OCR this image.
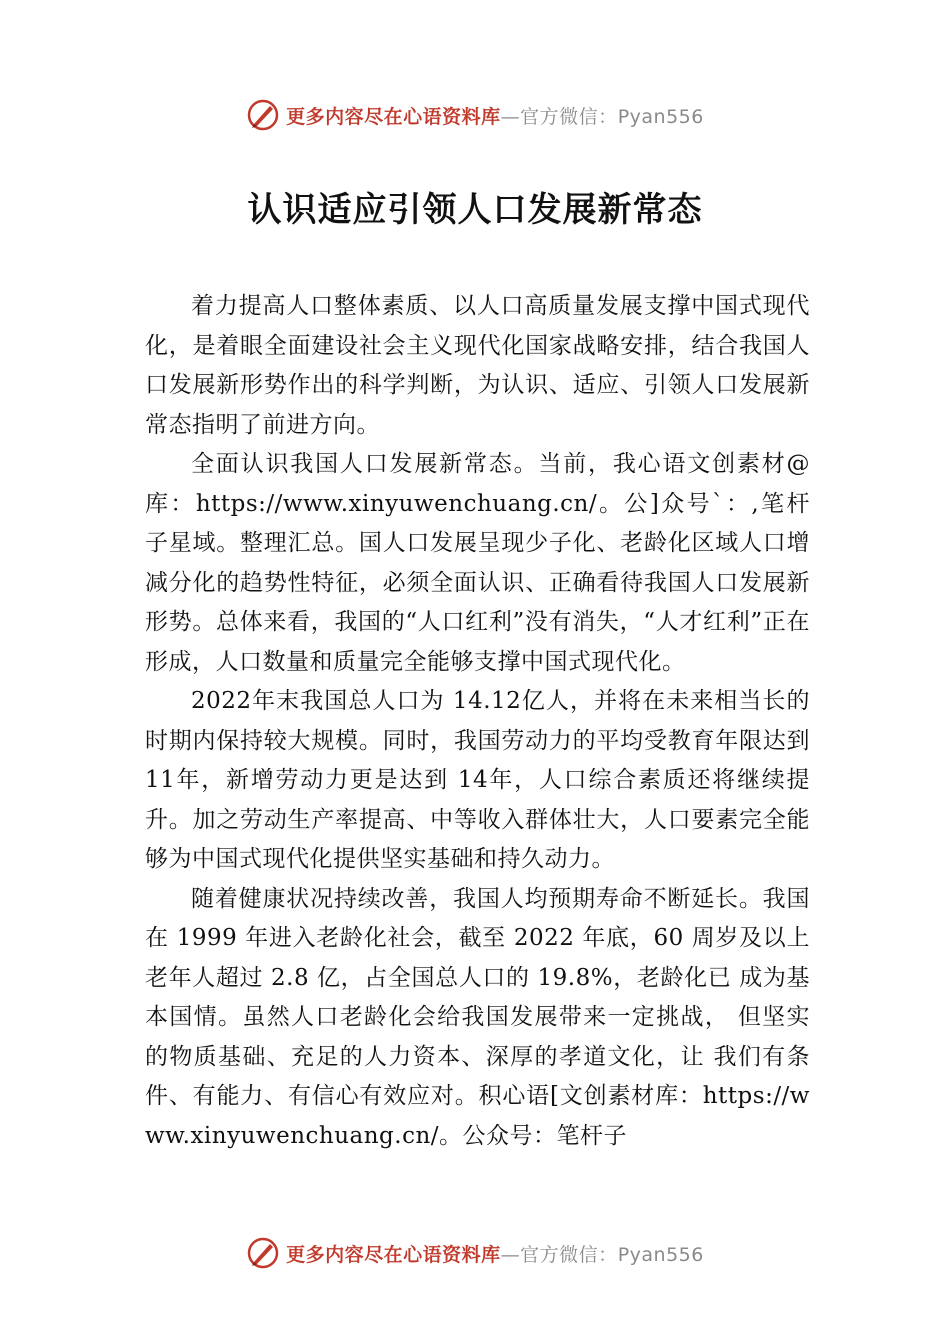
更多内容尽在心语资料库—官方微信：Pyan556
认识适应引领人口发展新常态

着力提高人口整体素质、以人口高质量发展支撑中国式现代化，是着眼全面建设社会主义现代化国家战略安排，结合我国人口发展新形势作出的科学判断，为认识、适应、引领人口发展新常态指明了前进方向。

全面认识我国人口发展新常态。当前，我心语文创素材@库：https://www.xinyuwenchuang.cn/。公]众号`：,笔杆子星域。整理汇总。国人口发展呈现少子化、老龄化区域人口增减分化的趋势性特征，必须全面认识、正确看待我国人口发展新形势。总体来看，我国的“人口红利”没有消失，“人才红利”正在形成，人口数量和质量完全能够支撑中国式现代化。

2022年末我国总人口为 14.12亿人，并将在未来相当长的时期内保持较大规模。同时，我国劳动力的平均受教育年限达到 11年，新增劳动力更是达到 14年，人口综合素质还将继续提升。加之劳动生产率提高、中等收入群体壮大，人口要素完全能够为中国式现代化提供坚实基础和持久动力。

随着健康状况持续改善，我国人均预期寿命不断延长。我国在 1999 年进入老龄化社会，截至 2022 年底，60 周岁及以上老年人超过 2.8 亿，占全国总人口的 19.8%，老龄化已 成为基本国情。虽然人口老龄化会给我国发展带来一定挑战， 但坚实的物质基础、充足的人力资本、深厚的孝道文化，让 我们有条件、有能力、有信心有效应对。积心语[文创素材库：https://www.xinyuwenchuang.cn/。公众号：笔杆子

更多内容尽在心语资料库—官方微信：Pyan556
